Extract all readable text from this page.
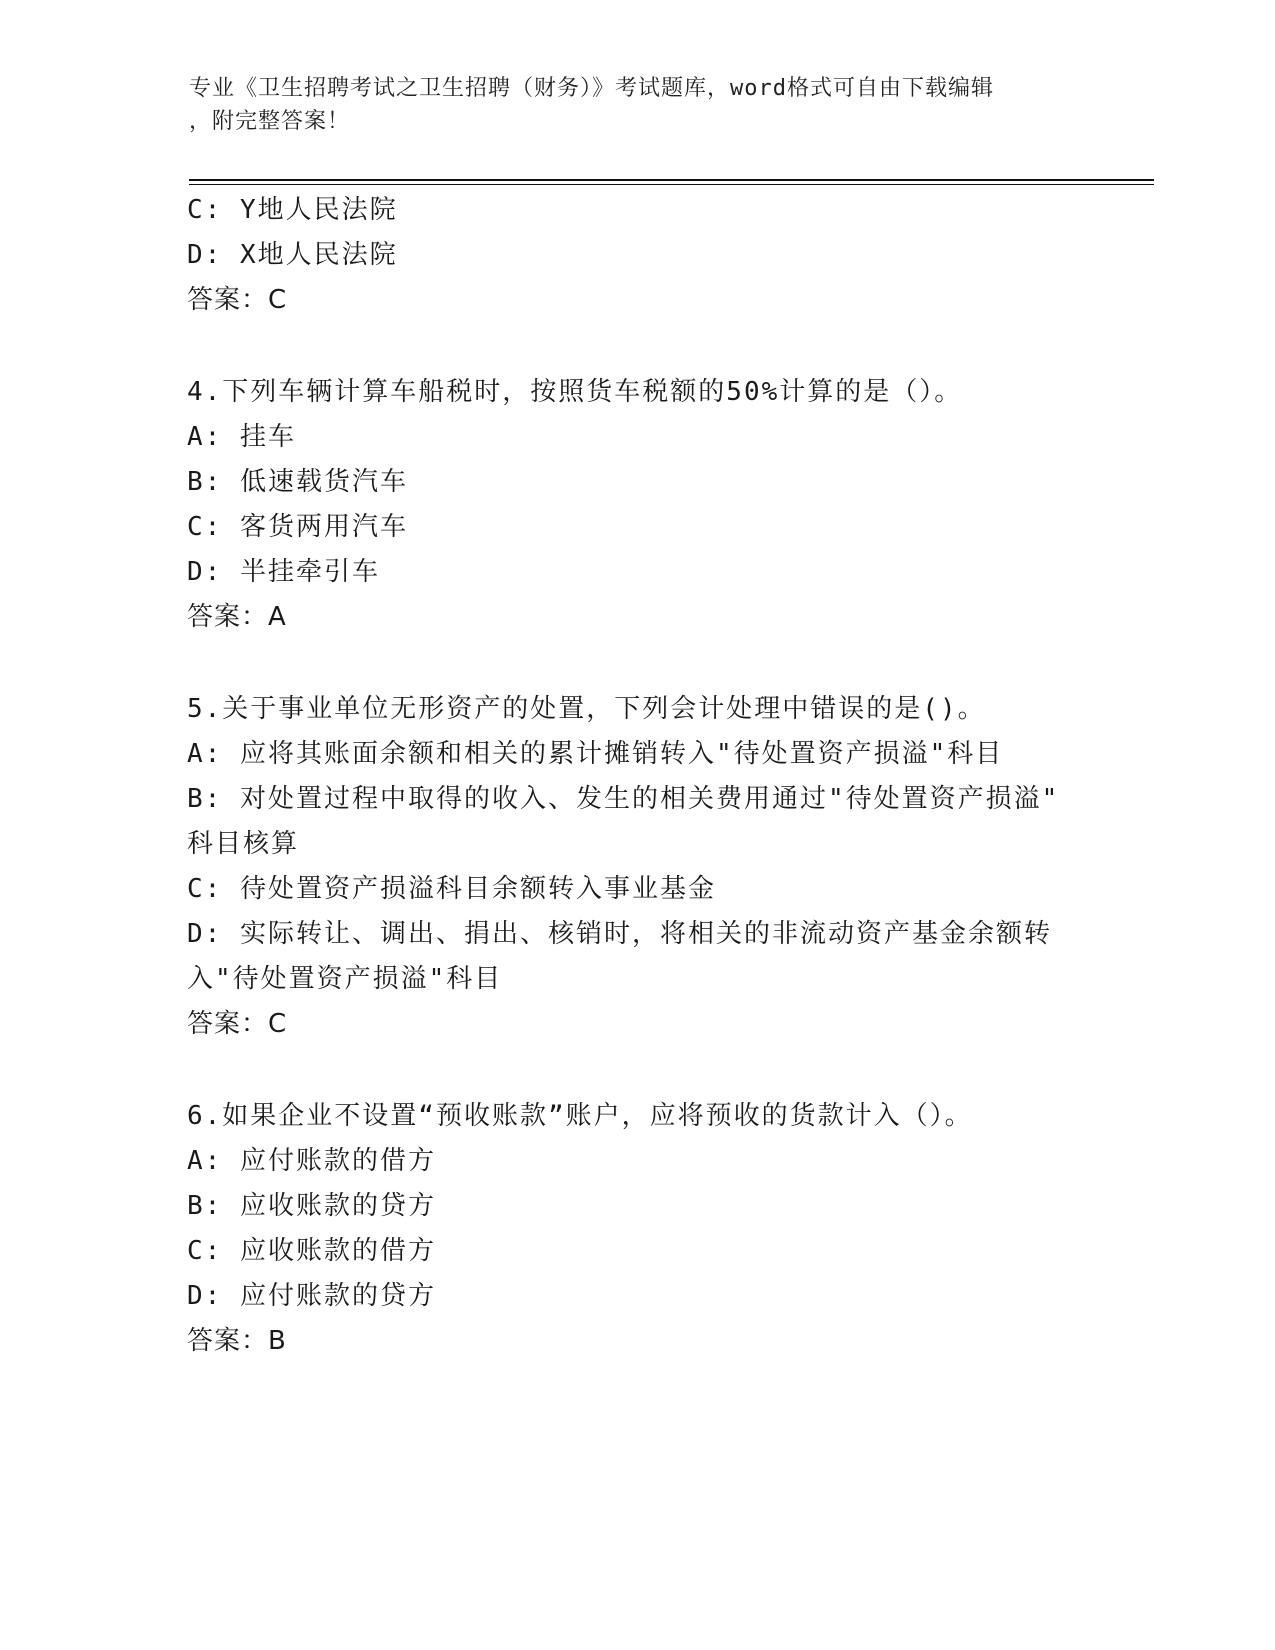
专业《卫生招聘考试之卫生招聘（财务）》考试题库，word格式可自由下载编辑
，附完整答案！
C: Y地人民法院
D: X地人民法院
答案：C
4.下列车辆计算车船税时，按照货车税额的50%计算的是（）。
A: 挂车
B: 低速载货汽车
C: 客货两用汽车
D: 半挂牵引车
答案：A
5.关于事业单位无形资产的处置，下列会计处理中错误的是()。
A: 应将其账面余额和相关的累计摊销转入"待处置资产损溢"科目
B: 对处置过程中取得的收入、发生的相关费用通过"待处置资产损溢"
科目核算
C: 待处置资产损溢科目余额转入事业基金
D: 实际转让、调出、捐出、核销时，将相关的非流动资产基金余额转
入"待处置资产损溢"科目
答案：C
6.如果企业不设置“预收账款”账户，应将预收的货款计入（）。
A: 应付账款的借方
B: 应收账款的贷方
C: 应收账款的借方
D: 应付账款的贷方
答案：B
